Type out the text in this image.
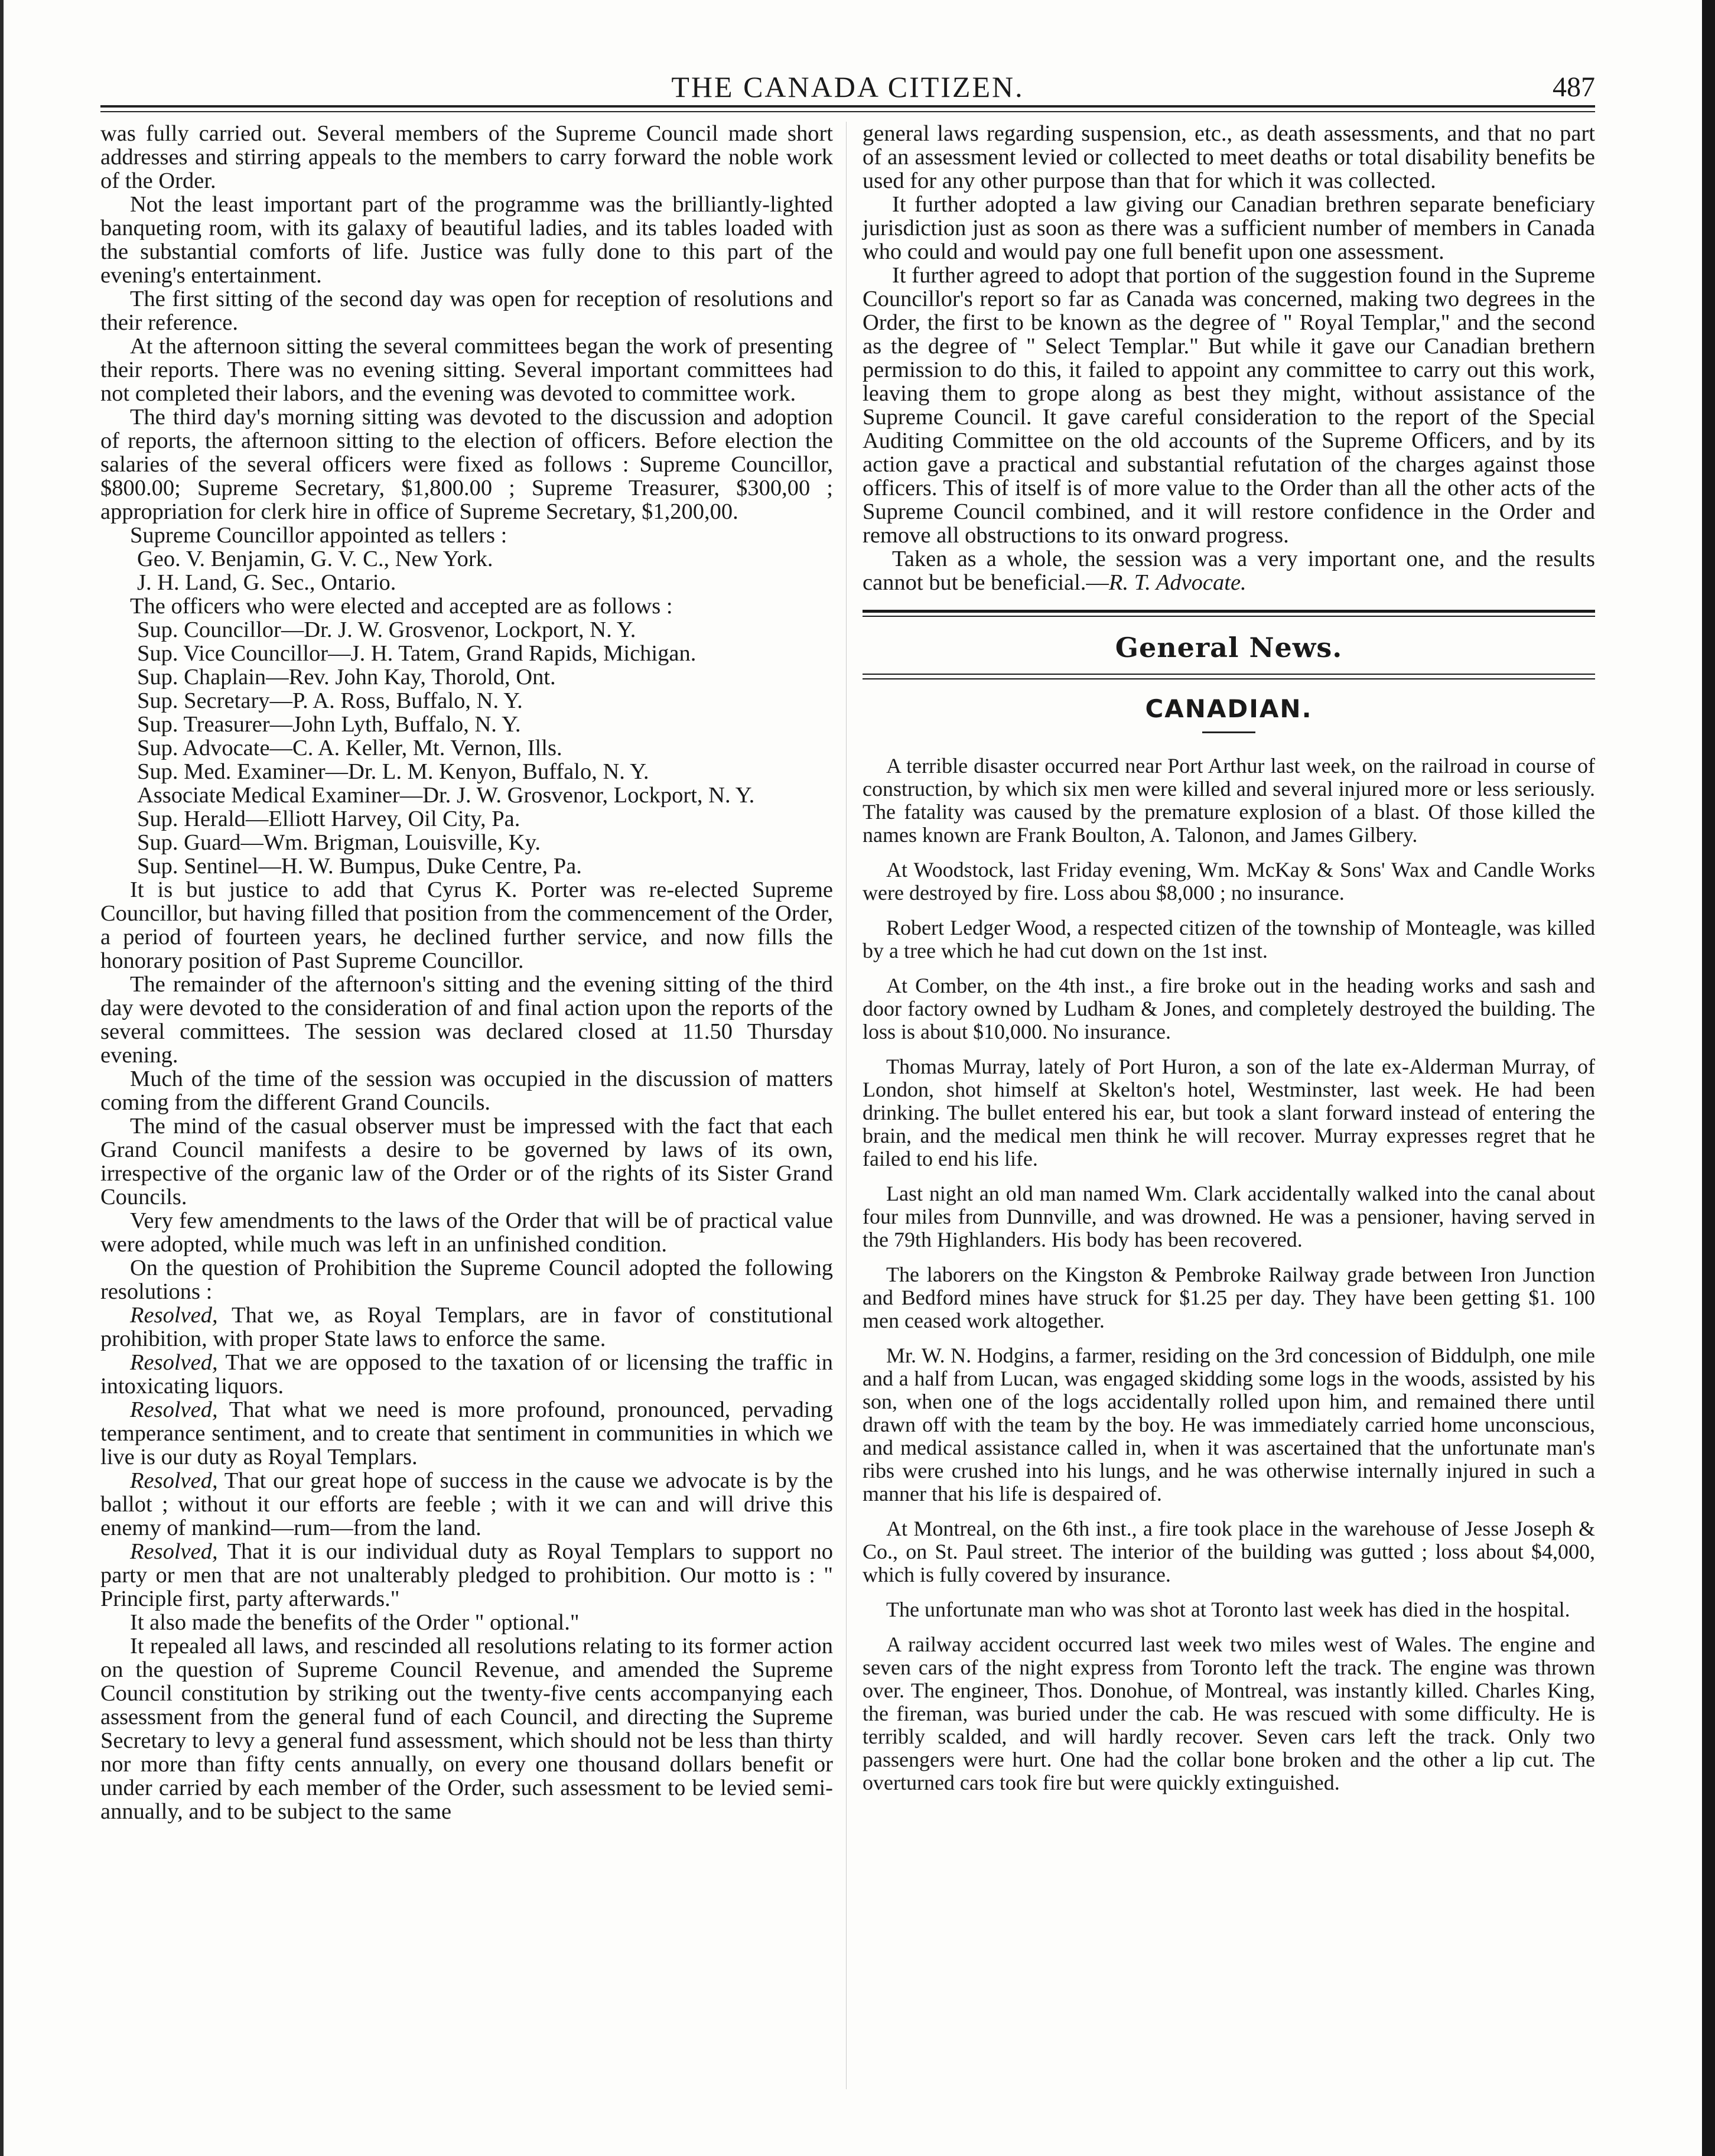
THE CANADA CITIZEN.	487

was fully carried out. Several members of the Supreme Council made short addresses and stirring appeals to the members to carry forward the noble work of the Order.

Not the least important part of the programme was the brilliantly-lighted banqueting room, with its galaxy of beautiful ladies, and its tables loaded with the substantial comforts of life. Justice was fully done to this part of the evening's entertainment.

The first sitting of the second day was open for reception of resolutions and their reference.

At the afternoon sitting the several committees began the work of presenting their reports. There was no evening sitting. Several important committees had not completed their labors, and the evening was devoted to committee work.

The third day's morning sitting was devoted to the discussion and adoption of reports, the afternoon sitting to the election of officers. Before election the salaries of the several officers were fixed as follows : Supreme Councillor, $800.00; Supreme Secretary, $1,800.00 ; Supreme Treasurer, $300,00 ; appropriation for clerk hire in office of Supreme Secretary, $1,200,00.

Supreme Councillor appointed as tellers :

Geo. V. Benjamin, G. V. C., New York.

J. H. Land, G. Sec., Ontario.

The officers who were elected and accepted are as follows :

Sup. Councillor—Dr. J. W. Grosvenor, Lockport, N. Y.

Sup. Vice Councillor—J. H. Tatem, Grand Rapids, Michigan.

Sup. Chaplain—Rev. John Kay, Thorold, Ont.

Sup. Secretary—P. A. Ross, Buffalo, N. Y.

Sup. Treasurer—John Lyth, Buffalo, N. Y.

Sup. Advocate—C. A. Keller, Mt. Vernon, Ills.

Sup. Med. Examiner—Dr. L. M. Kenyon, Buffalo, N. Y.

Associate Medical Examiner—Dr. J. W. Grosvenor, Lockport, N. Y.

Sup. Herald—Elliott Harvey, Oil City, Pa.

Sup. Guard—Wm. Brigman, Louisville, Ky.

Sup. Sentinel—H. W. Bumpus, Duke Centre, Pa.

It is but justice to add that Cyrus K. Porter was re-elected Supreme Councillor, but having filled that position from the commencement of the Order, a period of fourteen years, he declined further service, and now fills the honorary position of Past Supreme Councillor.

The remainder of the afternoon's sitting and the evening sitting of the third day were devoted to the consideration of and final action upon the reports of the several committees. The session was declared closed at 11.50 Thursday evening.

Much of the time of the session was occupied in the discussion of matters coming from the different Grand Councils.

The mind of the casual observer must be impressed with the fact that each Grand Council manifests a desire to be governed by laws of its own, irrespective of the organic law of the Order or of the rights of its Sister Grand Councils.

Very few amendments to the laws of the Order that will be of practical value were adopted, while much was left in an unfinished condition.

On the question of Prohibition the Supreme Council adopted the following resolutions :

Resolved, That we, as Royal Templars, are in favor of constitutional prohibition, with proper State laws to enforce the same.

Resolved, That we are opposed to the taxation of or licensing the traffic in intoxicating liquors.

Resolved, That what we need is more profound, pronounced, pervading temperance sentiment, and to create that sentiment in communities in which we live is our duty as Royal Templars.

Resolved, That our great hope of success in the cause we advocate is by the ballot ; without it our efforts are feeble ; with it we can and will drive this enemy of mankind—rum—from the land.

Resolved, That it is our individual duty as Royal Templars to support no party or men that are not unalterably pledged to prohibition. Our motto is : " Principle first, party afterwards."

It also made the benefits of the Order " optional."

It repealed all laws, and rescinded all resolutions relating to its former action on the question of Supreme Council Revenue, and amended the Supreme Council constitution by striking out the twenty-five cents accompanying each assessment from the general fund of each Council, and directing the Supreme Secretary to levy a general fund assessment, which should not be less than thirty nor more than fifty cents annually, on every one thousand dollars benefit or under carried by each member of the Order, such assessment to be levied semi-annually, and to be subject to the same

general laws regarding suspension, etc., as death assessments, and that no part of an assessment levied or collected to meet deaths or total disability benefits be used for any other purpose than that for which it was collected.

It further adopted a law giving our Canadian brethren separate beneficiary jurisdiction just as soon as there was a sufficient number of members in Canada who could and would pay one full benefit upon one assessment.

It further agreed to adopt that portion of the suggestion found in the Supreme Councillor's report so far as Canada was concerned, making two degrees in the Order, the first to be known as the degree of " Royal Templar," and the second as the degree of " Select Templar." But while it gave our Canadian brethern permission to do this, it failed to appoint any committee to carry out this work, leaving them to grope along as best they might, without assistance of the Supreme Council. It gave careful consideration to the report of the Special Auditing Committee on the old accounts of the Supreme Officers, and by its action gave a practical and substantial refutation of the charges against those officers. This of itself is of more value to the Order than all the other acts of the Supreme Council combined, and it will restore confidence in the Order and remove all obstructions to its onward progress.

Taken as a whole, the session was a very important one, and the results cannot but be beneficial.—R. T. Advocate.

General News.
CANADIAN.

A terrible disaster occurred near Port Arthur last week, on the railroad in course of construction, by which six men were killed and several injured more or less seriously. The fatality was caused by the premature explosion of a blast. Of those killed the names known are Frank Boulton, A. Talonon, and James Gilbery.

At Woodstock, last Friday evening, Wm. McKay & Sons' Wax and Candle Works were destroyed by fire. Loss abou $8,000 ; no insurance.

Robert Ledger Wood, a respected citizen of the township of Monteagle, was killed by a tree which he had cut down on the 1st inst.

At Comber, on the 4th inst., a fire broke out in the heading works and sash and door factory owned by Ludham & Jones, and completely destroyed the building. The loss is about $10,000. No insurance.

Thomas Murray, lately of Port Huron, a son of the late ex-Alderman Murray, of London, shot himself at Skelton's hotel, Westminster, last week. He had been drinking. The bullet entered his ear, but took a slant forward instead of entering the brain, and the medical men think he will recover. Murray expresses regret that he failed to end his life.

Last night an old man named Wm. Clark accidentally walked into the canal about four miles from Dunnville, and was drowned. He was a pensioner, having served in the 79th Highlanders. His body has been recovered.

The laborers on the Kingston & Pembroke Railway grade between Iron Junction and Bedford mines have struck for $1.25 per day. They have been getting $1. 100 men ceased work altogether.

Mr. W. N. Hodgins, a farmer, residing on the 3rd concession of Biddulph, one mile and a half from Lucan, was engaged skidding some logs in the woods, assisted by his son, when one of the logs accidentally rolled upon him, and remained there until drawn off with the team by the boy. He was immediately carried home unconscious, and medical assistance called in, when it was ascertained that the unfortunate man's ribs were crushed into his lungs, and he was otherwise internally injured in such a manner that his life is despaired of.

At Montreal, on the 6th inst., a fire took place in the warehouse of Jesse Joseph & Co., on St. Paul street. The interior of the building was gutted ; loss about $4,000, which is fully covered by insurance.

The unfortunate man who was shot at Toronto last week has died in the hospital.

A railway accident occurred last week two miles west of Wales. The engine and seven cars of the night express from Toronto left the track. The engine was thrown over. The engineer, Thos. Donohue, of Montreal, was instantly killed. Charles King, the fireman, was buried under the cab. He was rescued with some difficulty. He is terribly scalded, and will hardly recover. Seven cars left the track. Only two passengers were hurt. One had the collar bone broken and the other a lip cut. The overturned cars took fire but were quickly extinguished.
